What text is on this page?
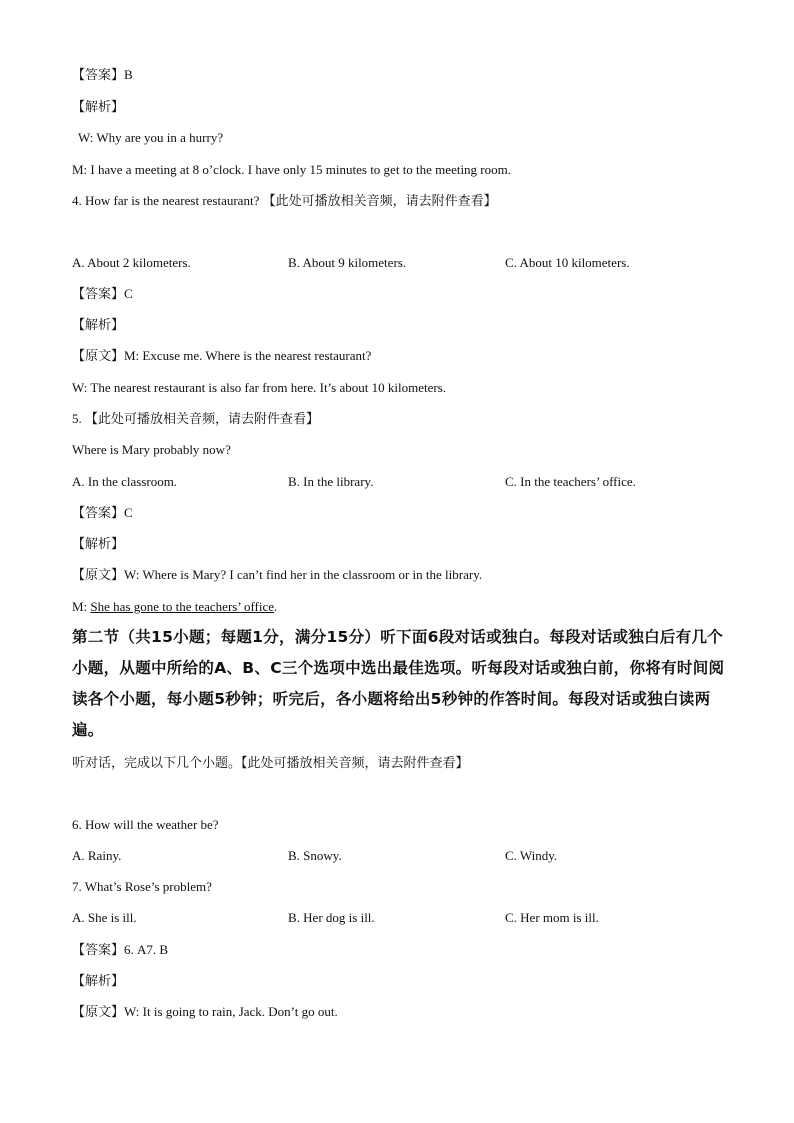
【答案】B
【解析】
W: Why are you in a hurry?
M: I have a meeting at 8 o’clock. I have only 15 minutes to get to the meeting room.
4. How far is the nearest restaurant? 【此处可播放相关音频，请去附件查看】
A. About 2 kilometers.	B. About 9 kilometers.	C. About 10 kilometers.
【答案】C
【解析】
【原文】M: Excuse me. Where is the nearest restaurant?
W: The nearest restaurant is also far from here. It’s about 10 kilometers.
5. 【此处可播放相关音频，请去附件查看】
Where is Mary probably now?
A. In the classroom.	B. In the library.	C. In the teachers’ office.
【答案】C
【解析】
【原文】W: Where is Mary? I can’t find her in the classroom or in the library.
M: She has gone to the teachers’ office.
第二节（共15小题；每题1分，满分15分）听下面6段对话或独白。每段对话或独白后有几个小题，从题中所给的A、B、C三个选项中选出最佳选项。听每段对话或独白前，你将有时间阅读各个小题，每小题5秒钟；听完后，各小题将给出5秒钟的作答时间。每段对话或独白读两遍。
听对话，完成以下几个小题。【此处可播放相关音频，请去附件查看】
6. How will the weather be?
A. Rainy.	B. Snowy.	C. Windy.
7. What’s Rose’s problem?
A. She is ill.	B. Her dog is ill.	C. Her mom is ill.
【答案】6. A7. B
【解析】
【原文】W: It is going to rain, Jack. Don’t go out.
